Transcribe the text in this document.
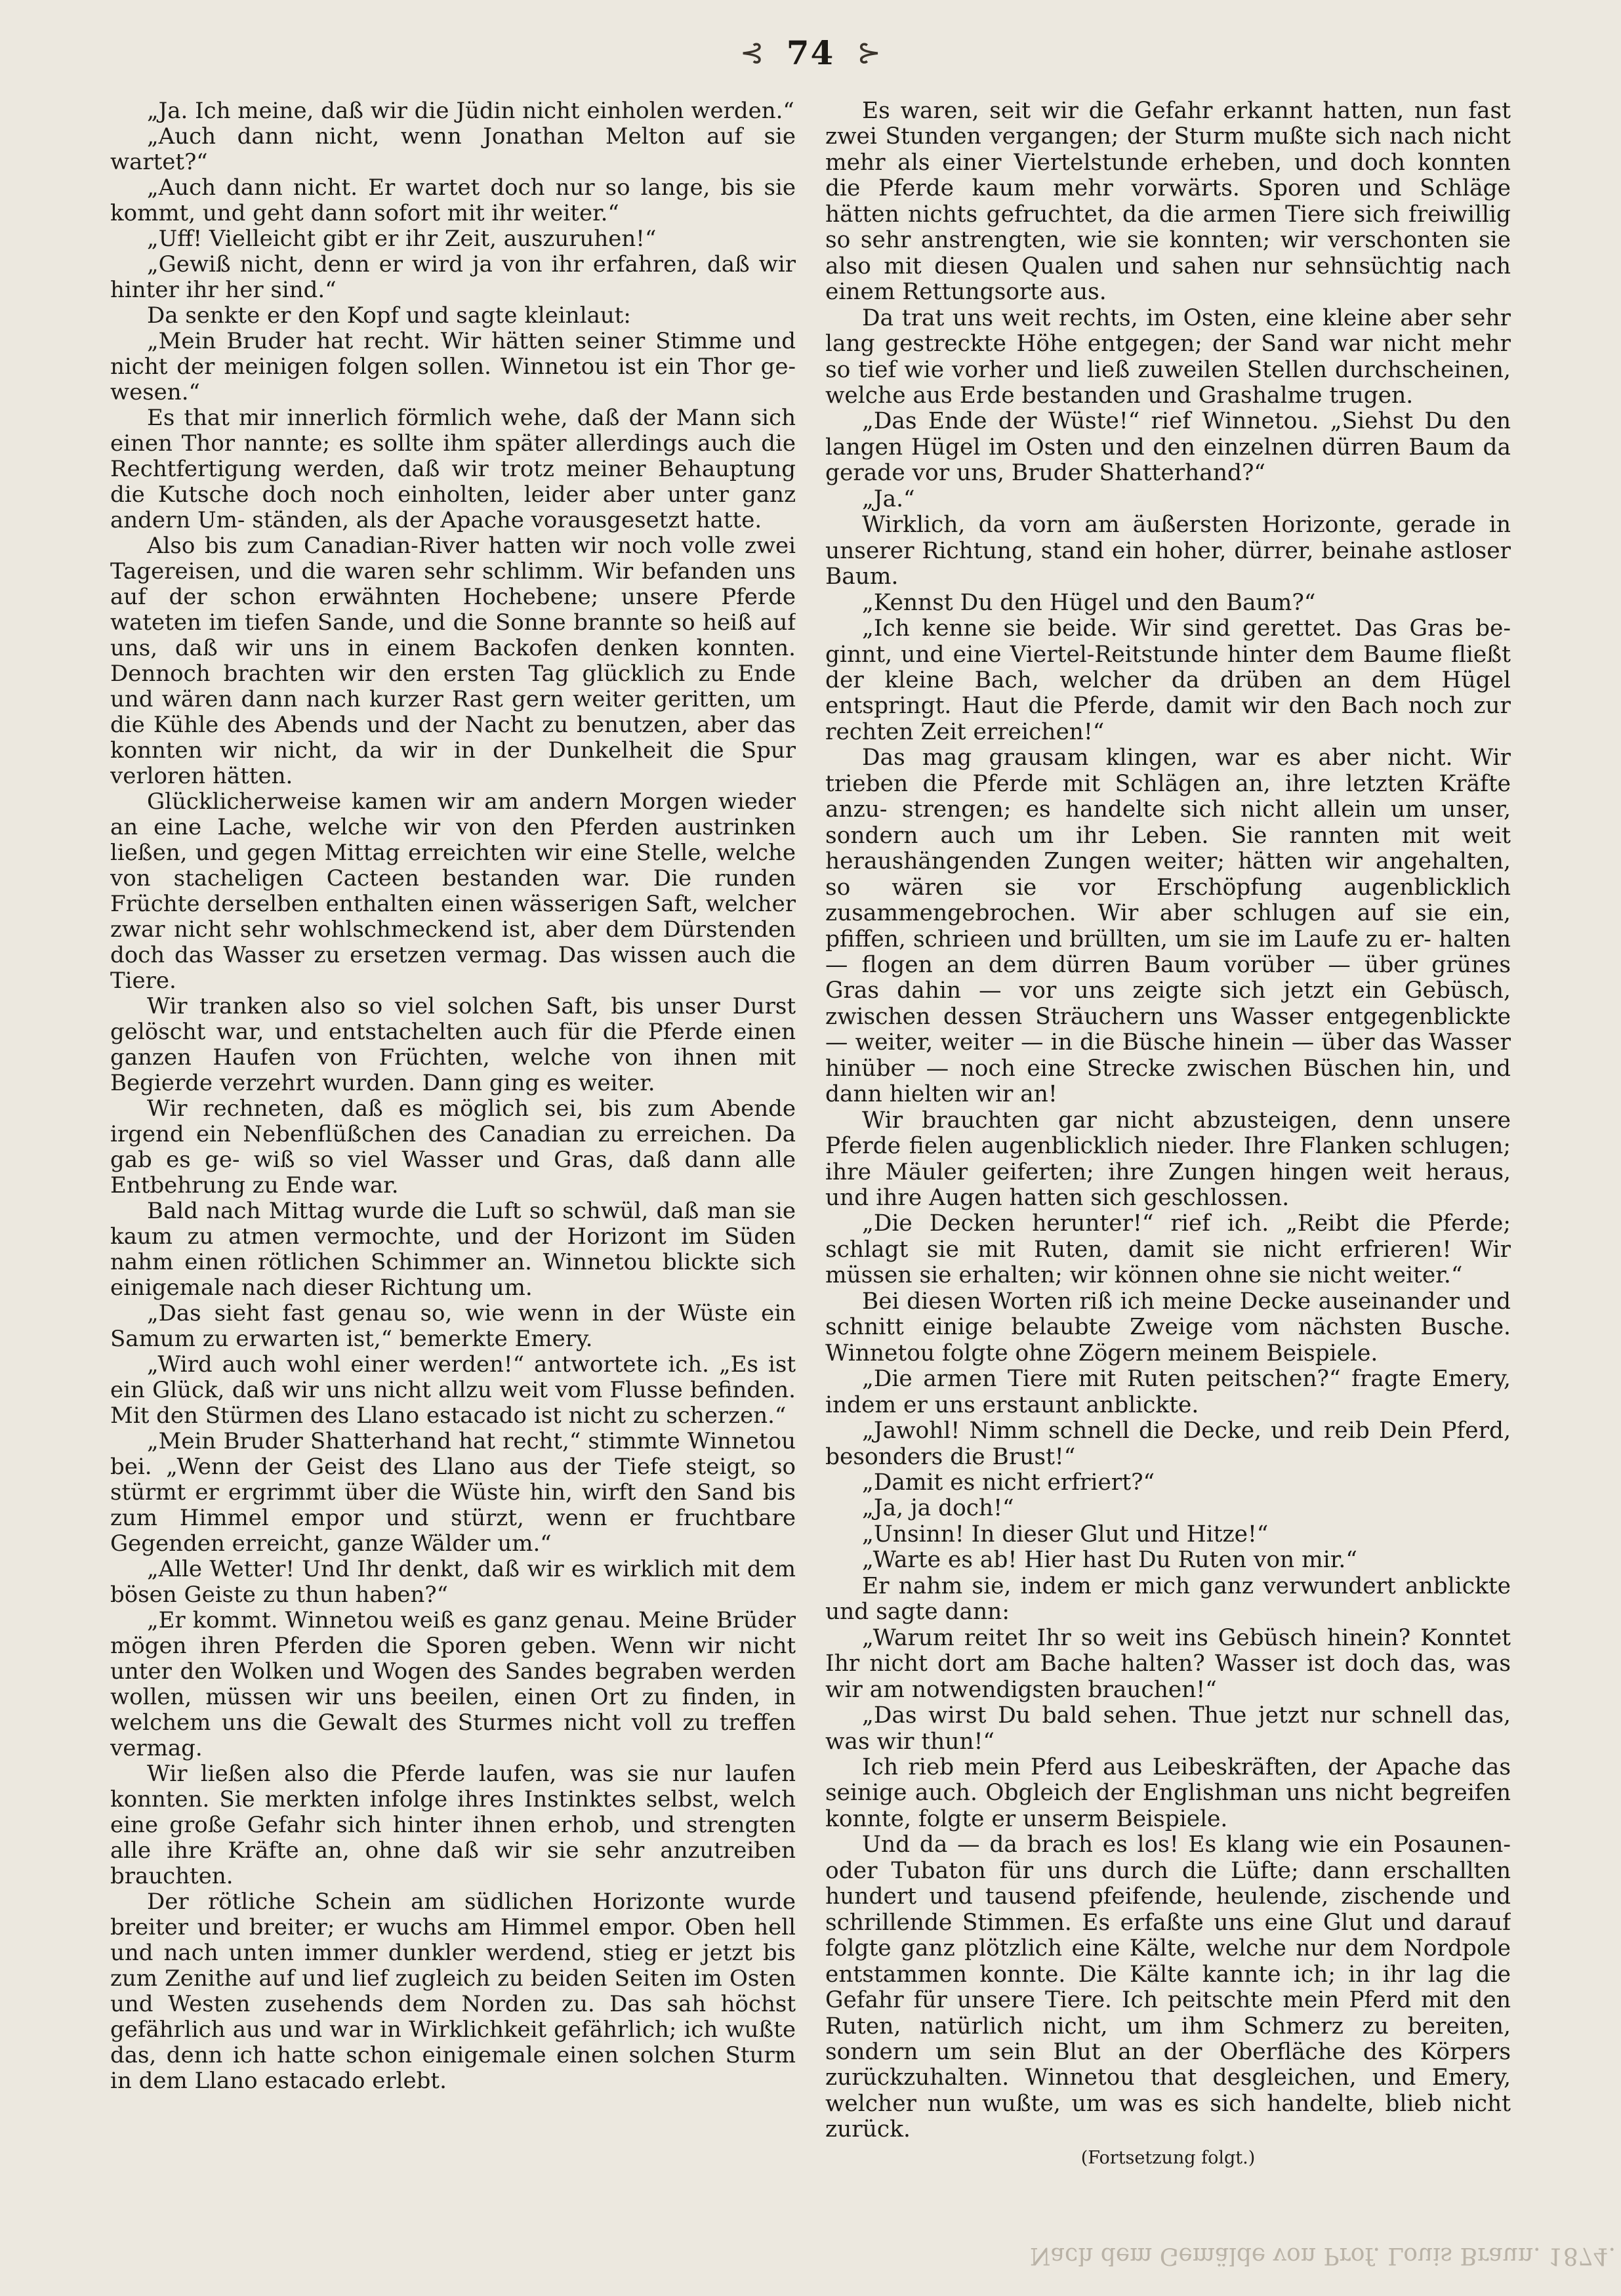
⊰ 74 ⊱

„Ja. Ich meine, daß wir die Jüdin nicht einholen werden.“

„Auch dann nicht, wenn Jonathan Melton auf sie wartet?“

„Auch dann nicht. Er wartet doch nur so lange, bis sie kommt, und geht dann sofort mit ihr weiter.“

„Uff! Vielleicht gibt er ihr Zeit, auszuruhen!“

„Gewiß nicht, denn er wird ja von ihr erfahren, daß wir hinter ihr her sind.“

Da senkte er den Kopf und sagte kleinlaut:

„Mein Bruder hat recht. Wir hätten seiner Stimme und nicht der meinigen folgen sollen. Winnetou ist ein Thor ge- wesen.“

Es that mir innerlich förmlich wehe, daß der Mann sich einen Thor nannte; es sollte ihm später allerdings auch die Rechtfertigung werden, daß wir trotz meiner Behauptung die Kutsche doch noch einholten, leider aber unter ganz andern Um- ständen, als der Apache vorausgesetzt hatte.

Also bis zum Canadian-River hatten wir noch volle zwei Tagereisen, und die waren sehr schlimm. Wir befanden uns auf der schon erwähnten Hochebene; unsere Pferde wateten im tiefen Sande, und die Sonne brannte so heiß auf uns, daß wir uns in einem Backofen denken konnten. Dennoch brachten wir den ersten Tag glücklich zu Ende und wären dann nach kurzer Rast gern weiter geritten, um die Kühle des Abends und der Nacht zu benutzen, aber das konnten wir nicht, da wir in der Dunkelheit die Spur verloren hätten.

Glücklicherweise kamen wir am andern Morgen wieder an eine Lache, welche wir von den Pferden austrinken ließen, und gegen Mittag erreichten wir eine Stelle, welche von stacheligen Cacteen bestanden war. Die runden Früchte derselben enthalten einen wässerigen Saft, welcher zwar nicht sehr wohlschmeckend ist, aber dem Dürstenden doch das Wasser zu ersetzen vermag. Das wissen auch die Tiere.

Wir tranken also so viel solchen Saft, bis unser Durst gelöscht war, und entstachelten auch für die Pferde einen ganzen Haufen von Früchten, welche von ihnen mit Begierde verzehrt wurden. Dann ging es weiter.

Wir rechneten, daß es möglich sei, bis zum Abende irgend ein Nebenflüßchen des Canadian zu erreichen. Da gab es ge- wiß so viel Wasser und Gras, daß dann alle Entbehrung zu Ende war.

Bald nach Mittag wurde die Luft so schwül, daß man sie kaum zu atmen vermochte, und der Horizont im Süden nahm einen rötlichen Schimmer an. Winnetou blickte sich einigemale nach dieser Richtung um.

„Das sieht fast genau so, wie wenn in der Wüste ein Samum zu erwarten ist,“ bemerkte Emery.

„Wird auch wohl einer werden!“ antwortete ich. „Es ist ein Glück, daß wir uns nicht allzu weit vom Flusse befinden. Mit den Stürmen des Llano estacado ist nicht zu scherzen.“

„Mein Bruder Shatterhand hat recht,“ stimmte Winnetou bei. „Wenn der Geist des Llano aus der Tiefe steigt, so stürmt er ergrimmt über die Wüste hin, wirft den Sand bis zum Himmel empor und stürzt, wenn er fruchtbare Gegenden erreicht, ganze Wälder um.“

„Alle Wetter! Und Ihr denkt, daß wir es wirklich mit dem bösen Geiste zu thun haben?“

„Er kommt. Winnetou weiß es ganz genau. Meine Brüder mögen ihren Pferden die Sporen geben. Wenn wir nicht unter den Wolken und Wogen des Sandes begraben werden wollen, müssen wir uns beeilen, einen Ort zu finden, in welchem uns die Gewalt des Sturmes nicht voll zu treffen vermag.

Wir ließen also die Pferde laufen, was sie nur laufen konnten. Sie merkten infolge ihres Instinktes selbst, welch eine große Gefahr sich hinter ihnen erhob, und strengten alle ihre Kräfte an, ohne daß wir sie sehr anzutreiben brauchten.

Der rötliche Schein am südlichen Horizonte wurde breiter und breiter; er wuchs am Himmel empor. Oben hell und nach unten immer dunkler werdend, stieg er jetzt bis zum Zenithe auf und lief zugleich zu beiden Seiten im Osten und Westen zusehends dem Norden zu. Das sah höchst gefährlich aus und war in Wirklichkeit gefährlich; ich wußte das, denn ich hatte schon einigemale einen solchen Sturm in dem Llano estacado erlebt.

Es waren, seit wir die Gefahr erkannt hatten, nun fast zwei Stunden vergangen; der Sturm mußte sich nach nicht mehr als einer Viertelstunde erheben, und doch konnten die Pferde kaum mehr vorwärts. Sporen und Schläge hätten nichts gefruchtet, da die armen Tiere sich freiwillig so sehr anstrengten, wie sie konnten; wir verschonten sie also mit diesen Qualen und sahen nur sehnsüchtig nach einem Rettungsorte aus.

Da trat uns weit rechts, im Osten, eine kleine aber sehr lang gestreckte Höhe entgegen; der Sand war nicht mehr so tief wie vorher und ließ zuweilen Stellen durchscheinen, welche aus Erde bestanden und Grashalme trugen.

„Das Ende der Wüste!“ rief Winnetou. „Siehst Du den langen Hügel im Osten und den einzelnen dürren Baum da gerade vor uns, Bruder Shatterhand?“

„Ja.“

Wirklich, da vorn am äußersten Horizonte, gerade in unserer Richtung, stand ein hoher, dürrer, beinahe astloser Baum.

„Kennst Du den Hügel und den Baum?“

„Ich kenne sie beide. Wir sind gerettet. Das Gras be- ginnt, und eine Viertel-Reitstunde hinter dem Baume fließt der kleine Bach, welcher da drüben an dem Hügel entspringt. Haut die Pferde, damit wir den Bach noch zur rechten Zeit erreichen!“

Das mag grausam klingen, war es aber nicht. Wir trieben die Pferde mit Schlägen an, ihre letzten Kräfte anzu- strengen; es handelte sich nicht allein um unser, sondern auch um ihr Leben. Sie rannten mit weit heraushängenden Zungen weiter; hätten wir angehalten, so wären sie vor Erschöpfung augenblicklich zusammengebrochen. Wir aber schlugen auf sie ein, pfiffen, schrieen und brüllten, um sie im Laufe zu er- halten — flogen an dem dürren Baum vorüber — über grünes Gras dahin — vor uns zeigte sich jetzt ein Gebüsch, zwischen dessen Sträuchern uns Wasser entgegenblickte — weiter, weiter — in die Büsche hinein — über das Wasser hinüber — noch eine Strecke zwischen Büschen hin, und dann hielten wir an!

Wir brauchten gar nicht abzusteigen, denn unsere Pferde fielen augenblicklich nieder. Ihre Flanken schlugen; ihre Mäuler geiferten; ihre Zungen hingen weit heraus, und ihre Augen hatten sich geschlossen.

„Die Decken herunter!“ rief ich. „Reibt die Pferde; schlagt sie mit Ruten, damit sie nicht erfrieren! Wir müssen sie erhalten; wir können ohne sie nicht weiter.“

Bei diesen Worten riß ich meine Decke auseinander und schnitt einige belaubte Zweige vom nächsten Busche. Winnetou folgte ohne Zögern meinem Beispiele.

„Die armen Tiere mit Ruten peitschen?“ fragte Emery, indem er uns erstaunt anblickte.

„Jawohl! Nimm schnell die Decke, und reib Dein Pferd, besonders die Brust!“

„Damit es nicht erfriert?“

„Ja, ja doch!“

„Unsinn! In dieser Glut und Hitze!“

„Warte es ab! Hier hast Du Ruten von mir.“

Er nahm sie, indem er mich ganz verwundert anblickte und sagte dann:

„Warum reitet Ihr so weit ins Gebüsch hinein? Konntet Ihr nicht dort am Bache halten? Wasser ist doch das, was wir am notwendigsten brauchen!“

„Das wirst Du bald sehen. Thue jetzt nur schnell das, was wir thun!“

Ich rieb mein Pferd aus Leibeskräften, der Apache das seinige auch. Obgleich der Englishman uns nicht begreifen konnte, folgte er unserm Beispiele.

Und da — da brach es los! Es klang wie ein Posaunen- oder Tubaton für uns durch die Lüfte; dann erschallten hundert und tausend pfeifende, heulende, zischende und schrillende Stimmen. Es erfaßte uns eine Glut und darauf folgte ganz plötzlich eine Kälte, welche nur dem Nordpole entstammen konnte. Die Kälte kannte ich; in ihr lag die Gefahr für unsere Tiere. Ich peitschte mein Pferd mit den Ruten, natürlich nicht, um ihm Schmerz zu bereiten, sondern um sein Blut an der Oberfläche des Körpers zurückzuhalten. Winnetou that desgleichen, und Emery, welcher nun wußte, um was es sich handelte, blieb nicht zurück.

(Fortsetzung folgt.)
Nach dem Gemälde von Prof. Louis Braun. 1874.
